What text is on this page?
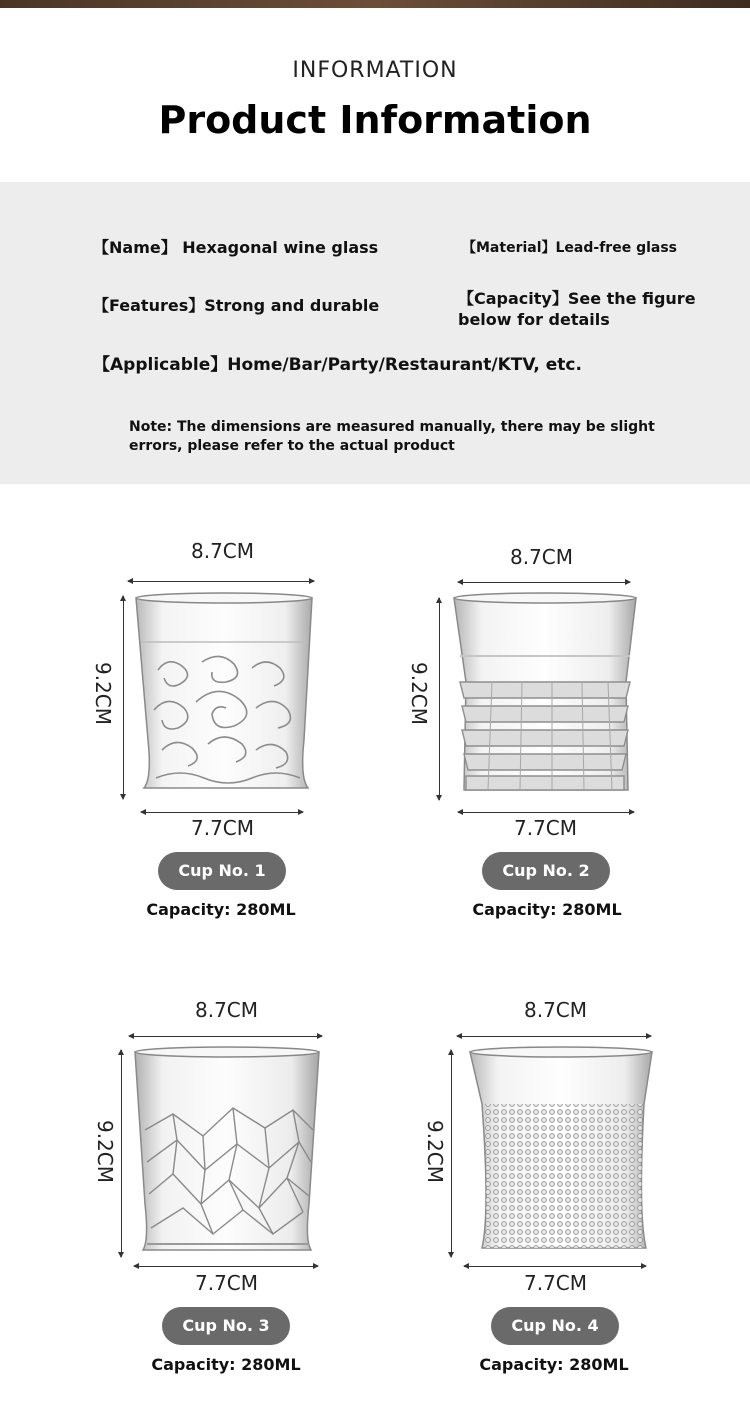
INFORMATION
Product Information
【Name】 Hexagonal wine glass	【Material】Lead-free glass
【Features】Strong and durable	【Capacity】See the figure
below for details
【Applicable】Home/Bar/Party/Restaurant/KTV, etc.
Note: The dimensions are measured manually, there may be slight
errors, please refer to the actual product
8.7CM
9.2CM
7.7CM
Cup No. 1
Capacity: 280ML
8.7CM
9.2CM
7.7CM
Cup No. 2
Capacity: 280ML
8.7CM
9.2CM
7.7CM
Cup No. 3
Capacity: 280ML
8.7CM
9.2CM
7.7CM
Cup No. 4
Capacity: 280ML
